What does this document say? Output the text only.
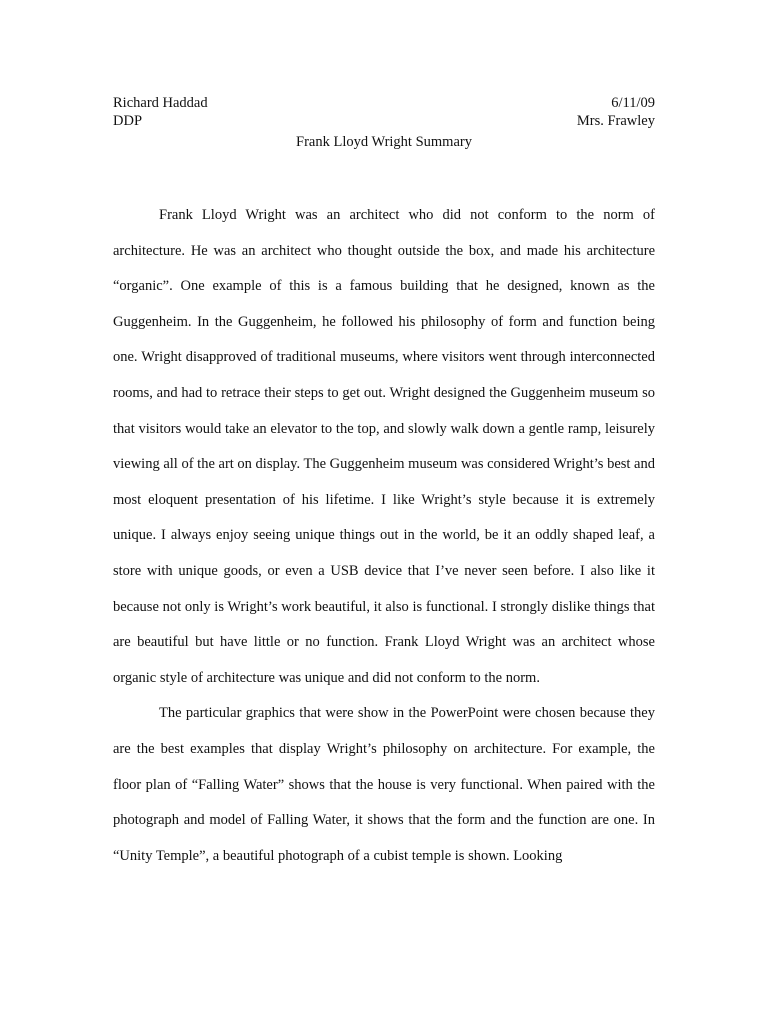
Richard Haddad	6/11/09
DDP	Mrs. Frawley
Frank Lloyd Wright Summary

Frank Lloyd Wright was an architect who did not conform to the norm of architecture. He was an architect who thought outside the box, and made his architecture “organic”. One example of this is a famous building that he designed, known as the Guggenheim. In the Guggenheim, he followed his philosophy of form and function being one. Wright disapproved of traditional museums, where visitors went through interconnected rooms, and had to retrace their steps to get out. Wright designed the Guggenheim museum so that visitors would take an elevator to the top, and slowly walk down a gentle ramp, leisurely viewing all of the art on display. The Guggenheim museum was considered Wright’s best and most eloquent presentation of his lifetime. I like Wright’s style because it is extremely unique. I always enjoy seeing unique things out in the world, be it an oddly shaped leaf, a store with unique goods, or even a USB device that I’ve never seen before. I also like it because not only is Wright’s work beautiful, it also is functional. I strongly dislike things that are beautiful but have little or no function. Frank Lloyd Wright was an architect whose organic style of architecture was unique and did not conform to the norm.

The particular graphics that were show in the PowerPoint were chosen because they are the best examples that display Wright’s philosophy on architecture. For example, the floor plan of “Falling Water” shows that the house is very functional. When paired with the photograph and model of Falling Water, it shows that the form and the function are one. In “Unity Temple”, a beautiful photograph of a cubist temple is shown. Looking
